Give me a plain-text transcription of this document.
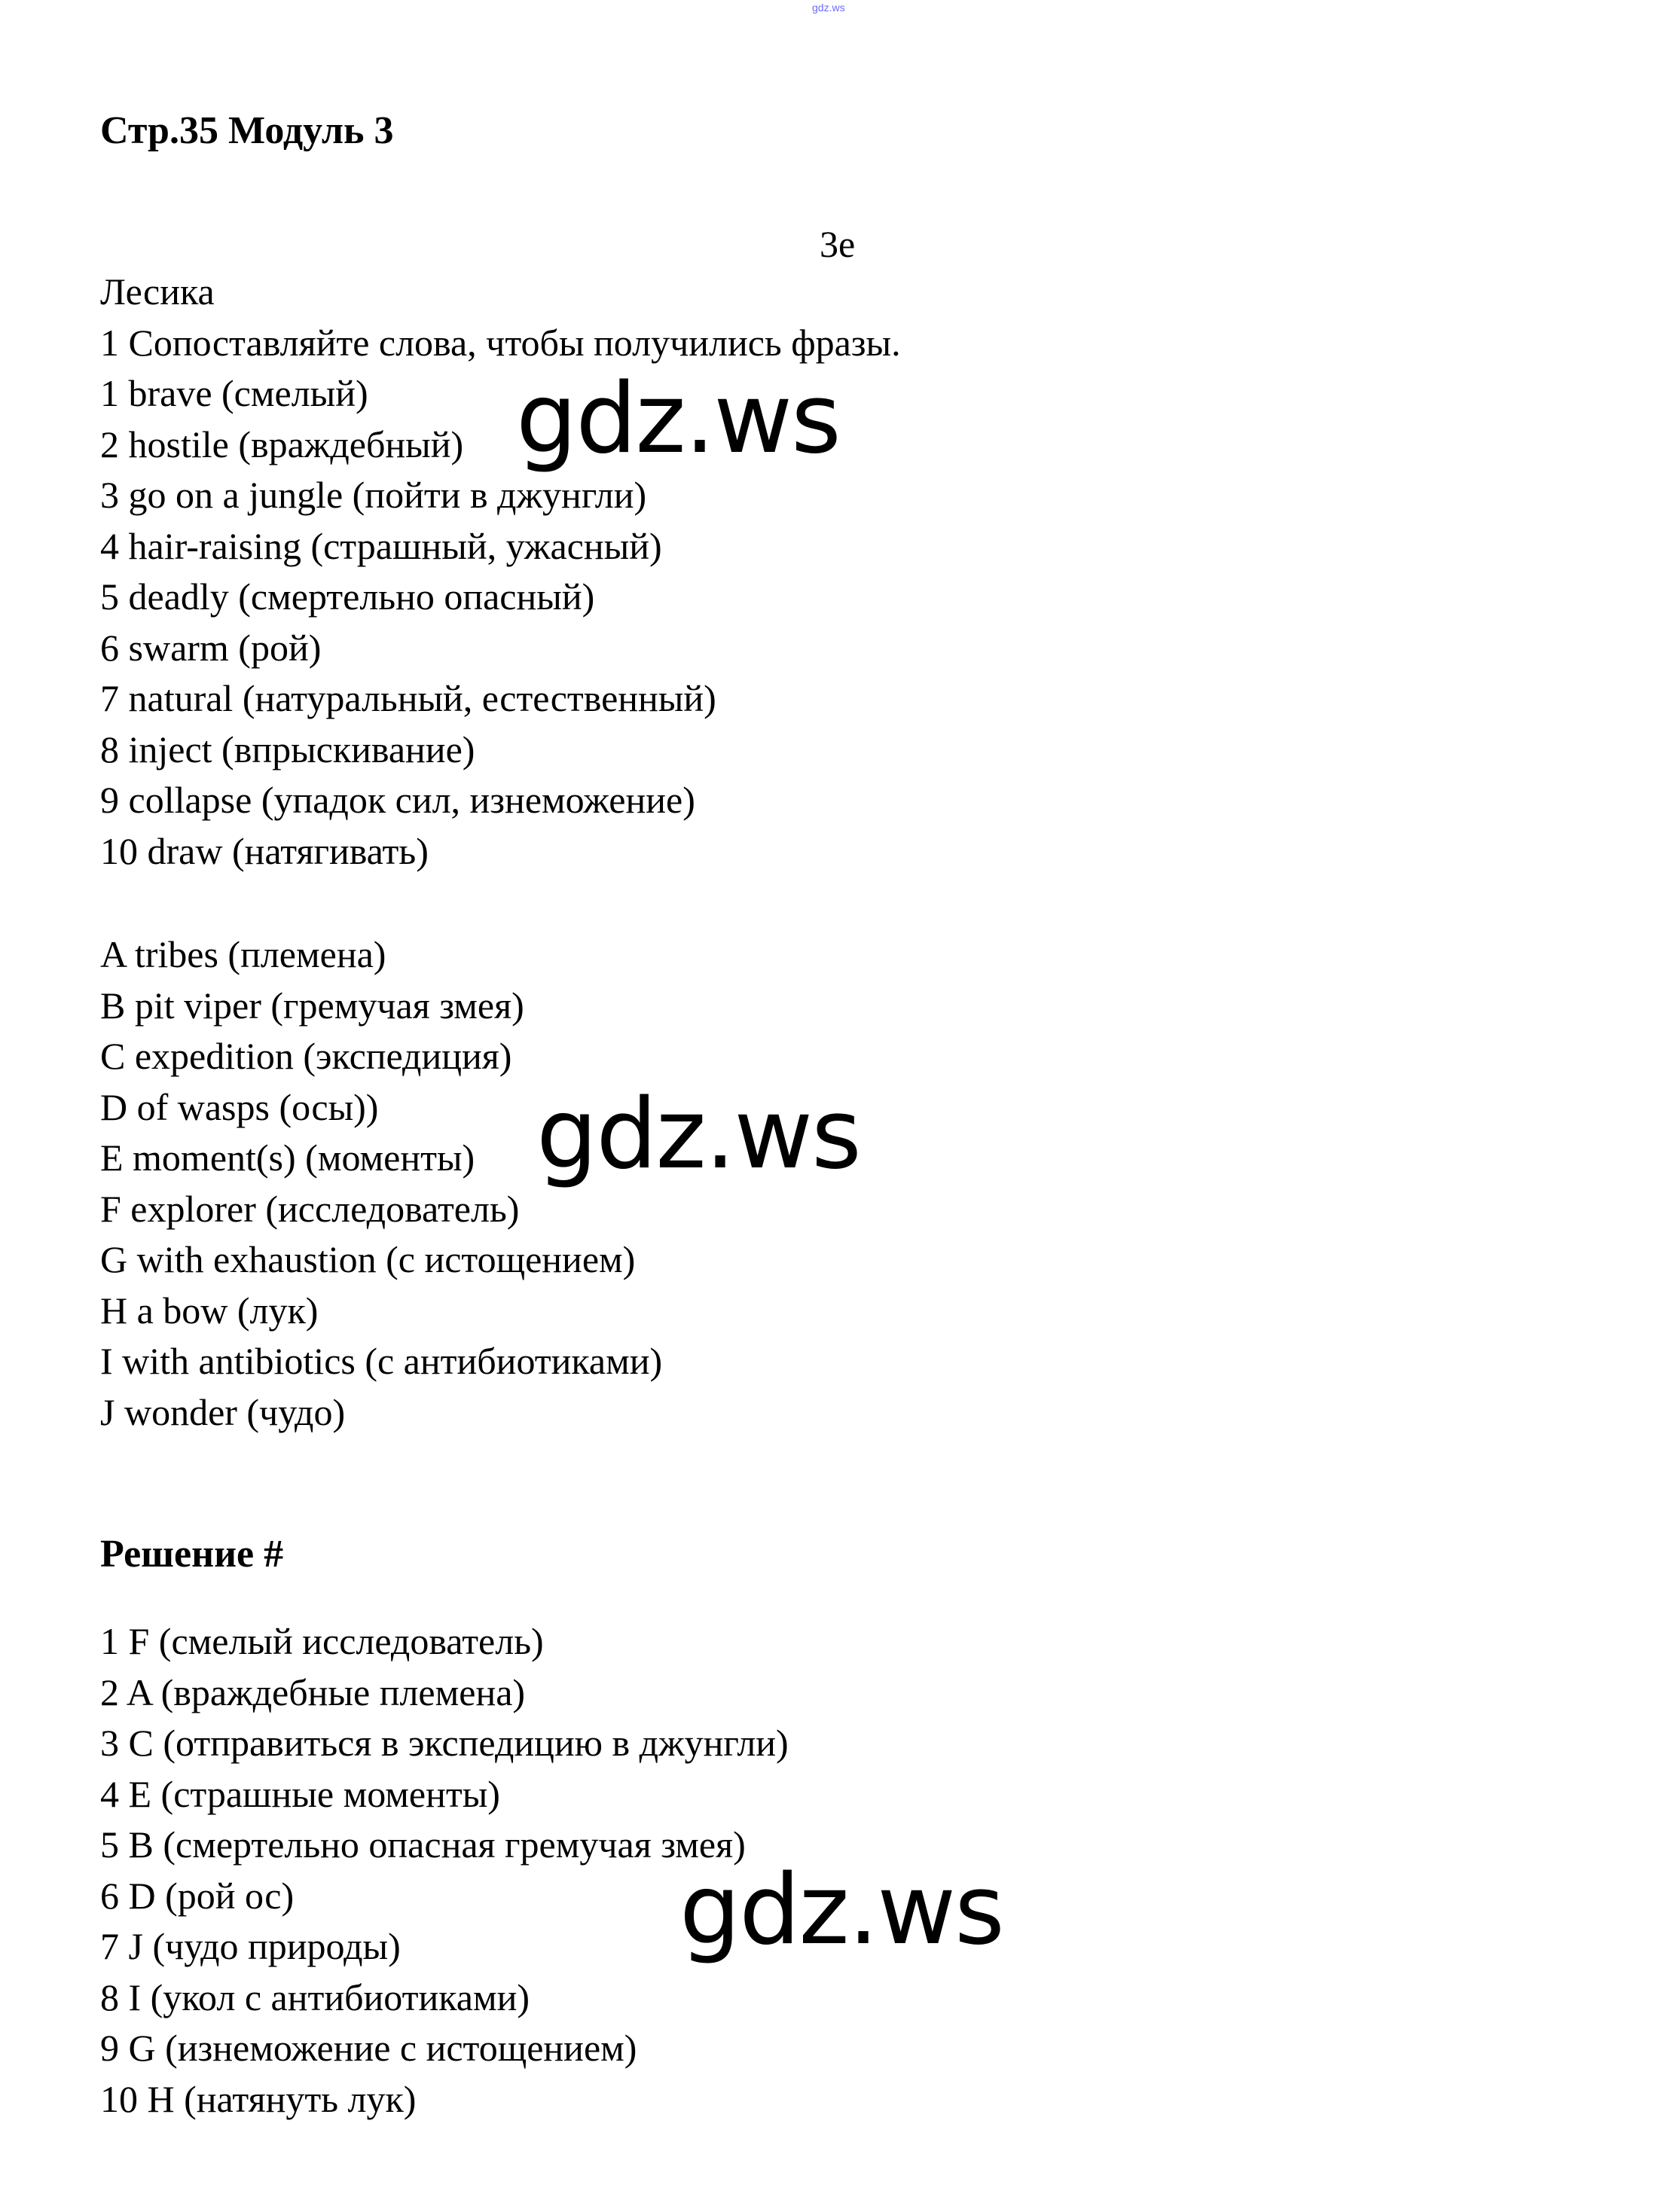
gdz.ws
Стр.35 Модуль 3
3e
Лесика
1 Сопоставляйте слова, чтобы получились фразы.
1 brave (смелый)
2 hostile (враждебный)
3 go on a jungle (пойти в джунгли)
4 hair-raising (страшный, ужасный)
5 deadly (смертельно опасный)
6 swarm (рой)
7 natural (натуральный, естественный)
8 inject (впрыскивание)
9 collapse (упадок сил, изнеможение)
10 draw (натягивать)
A tribes (племена)
B pit viper (гремучая змея)
C expedition (экспедиция)
D of wasps (осы))
E moment(s) (моменты)
F explorer (исследователь)
G with exhaustion (с истощением)
H a bow (лук)
I with antibiotics (с антибиотиками)
J wonder (чудо)
Решение #
1 F (смелый исследователь)
2 A (враждебные племена)
3 C (отправиться в экспедицию в джунгли)
4 E (страшные моменты)
5 B (смертельно опасная гремучая змея)
6 D (рой ос)
7 J (чудо природы)
8 I (укол с антибиотиками)
9 G (изнеможение с истощением)
10 H (натянуть лук)
gdz.ws
gdz.ws
gdz.ws
